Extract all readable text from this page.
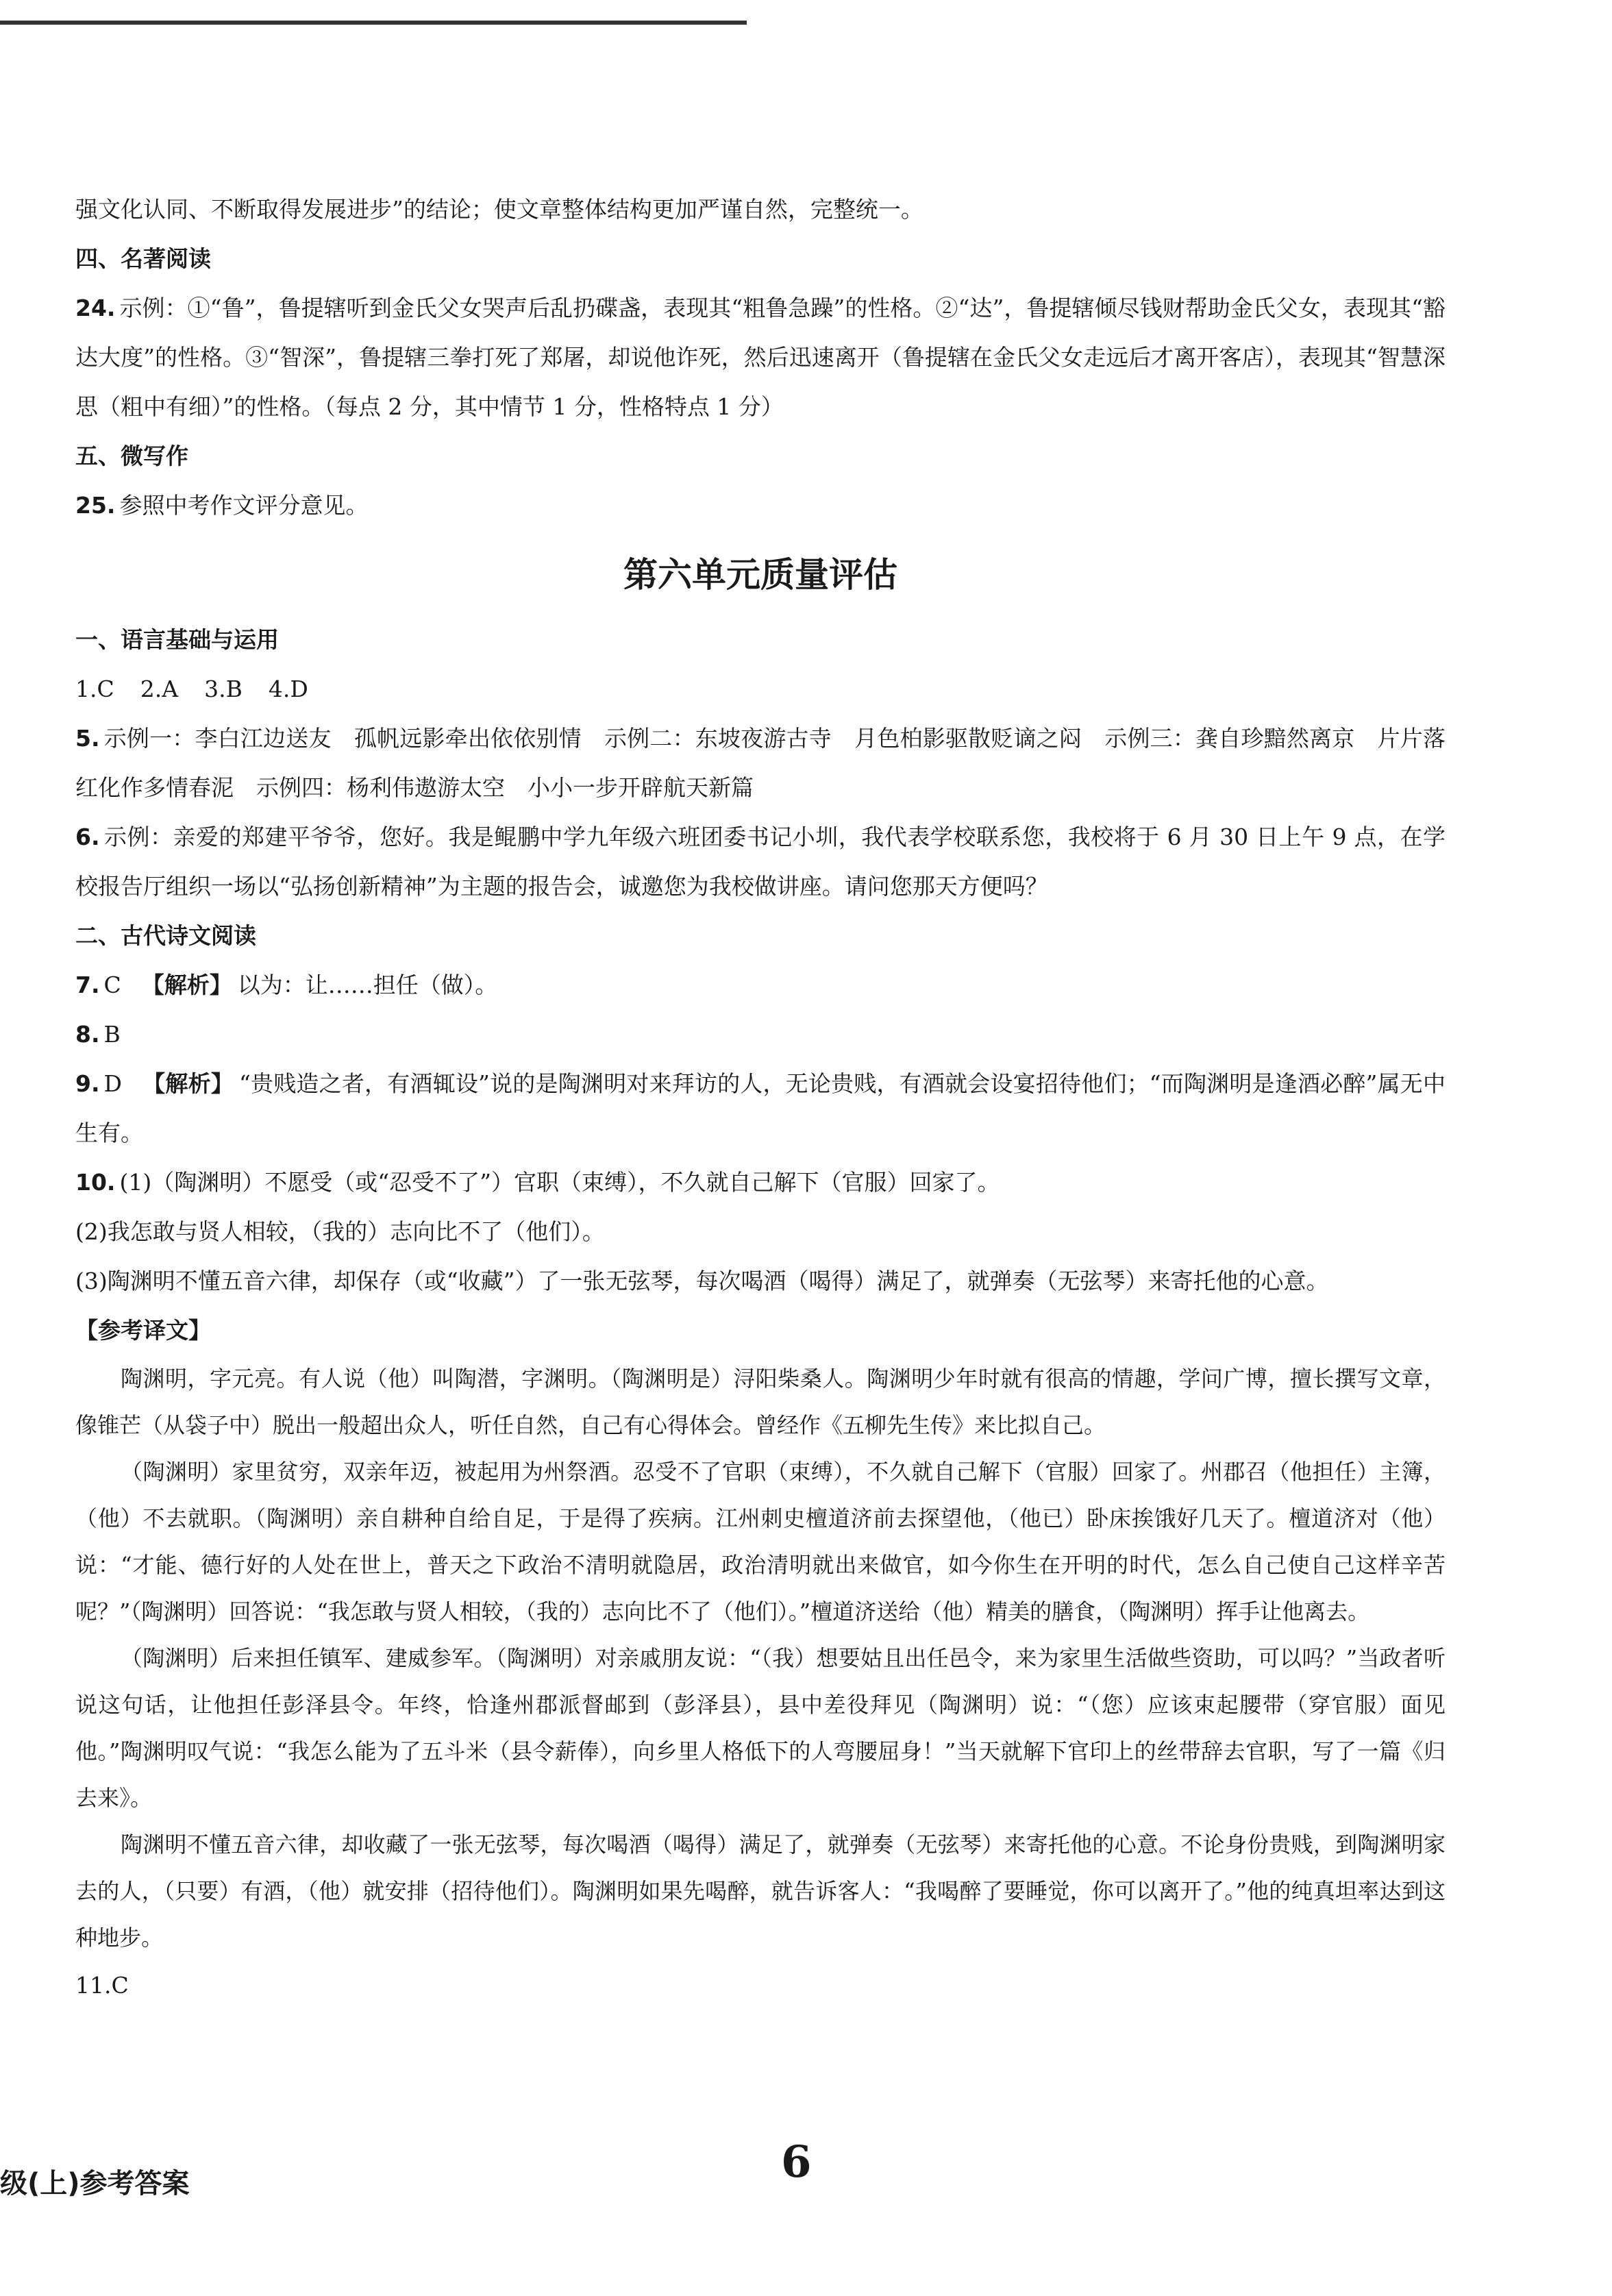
强文化认同、不断取得发展进步”的结论；使文章整体结构更加严谨自然，完整统一。

四、名著阅读

24. 示例：①“鲁”，鲁提辖听到金氏父女哭声后乱扔碟盏，表现其“粗鲁急躁”的性格。②“达”，鲁提辖倾尽钱财帮助金氏父女，表现其“豁达大度”的性格。③“智深”，鲁提辖三拳打死了郑屠，却说他诈死，然后迅速离开（鲁提辖在金氏父女走远后才离开客店），表现其“智慧深思（粗中有细）”的性格。（每点 2 分，其中情节 1 分，性格特点 1 分）

五、微写作

25. 参照中考作文评分意见。

第六单元质量评估

一、语言基础与运用

1.C 2.A 3.B 4.D

5. 示例一：李白江边送友　孤帆远影牵出依依别情　示例二：东坡夜游古寺　月色柏影驱散贬谪之闷　示例三：龚自珍黯然离京　片片落红化作多情春泥　示例四：杨利伟遨游太空　小小一步开辟航天新篇

6. 示例：亲爱的郑建平爷爷，您好。我是鲲鹏中学九年级六班团委书记小圳，我代表学校联系您，我校将于 6 月 30 日上午 9 点，在学校报告厅组织一场以“弘扬创新精神”为主题的报告会，诚邀您为我校做讲座。请问您那天方便吗？

二、古代诗文阅读

7. C 【解析】 以为：让……担任（做）。

8. B

9. D 【解析】 “贵贱造之者，有酒辄设”说的是陶渊明对来拜访的人，无论贵贱，有酒就会设宴招待他们；“而陶渊明是逢酒必醉”属无中生有。

10. (1)（陶渊明）不愿受（或“忍受不了”）官职（束缚），不久就自己解下（官服）回家了。

(2)我怎敢与贤人相较，（我的）志向比不了（他们）。

(3)陶渊明不懂五音六律，却保存（或“收藏”）了一张无弦琴，每次喝酒（喝得）满足了，就弹奏（无弦琴）来寄托他的心意。

【参考译文】

陶渊明，字元亮。有人说（他）叫陶潜，字渊明。（陶渊明是）浔阳柴桑人。陶渊明少年时就有很高的情趣，学问广博，擅长撰写文章，像锥芒（从袋子中）脱出一般超出众人，听任自然，自己有心得体会。曾经作《五柳先生传》来比拟自己。

（陶渊明）家里贫穷，双亲年迈，被起用为州祭酒。忍受不了官职（束缚），不久就自己解下（官服）回家了。州郡召（他担任）主簿，（他）不去就职。（陶渊明）亲自耕种自给自足，于是得了疾病。江州刺史檀道济前去探望他，（他已）卧床挨饿好几天了。檀道济对（他）说：“才能、德行好的人处在世上，普天之下政治不清明就隐居，政治清明就出来做官，如今你生在开明的时代，怎么自己使自己这样辛苦呢？”（陶渊明）回答说：“我怎敢与贤人相较，（我的）志向比不了（他们）。”檀道济送给（他）精美的膳食，（陶渊明）挥手让他离去。

（陶渊明）后来担任镇军、建威参军。（陶渊明）对亲戚朋友说：“（我）想要姑且出任邑令，来为家里生活做些资助，可以吗？”当政者听说这句话，让他担任彭泽县令。年终，恰逢州郡派督邮到（彭泽县），县中差役拜见（陶渊明）说：“（您）应该束起腰带（穿官服）面见他。”陶渊明叹气说：“我怎么能为了五斗米（县令薪俸），向乡里人格低下的人弯腰屈身！”当天就解下官印上的丝带辞去官职，写了一篇《归去来》。

陶渊明不懂五音六律，却收藏了一张无弦琴，每次喝酒（喝得）满足了，就弹奏（无弦琴）来寄托他的心意。不论身份贵贱，到陶渊明家去的人，（只要）有酒，（他）就安排（招待他们）。陶渊明如果先喝醉，就告诉客人：“我喝醉了要睡觉，你可以离开了。”他的纯真坦率达到这种地步。

11.C

级(上)参考答案	6
